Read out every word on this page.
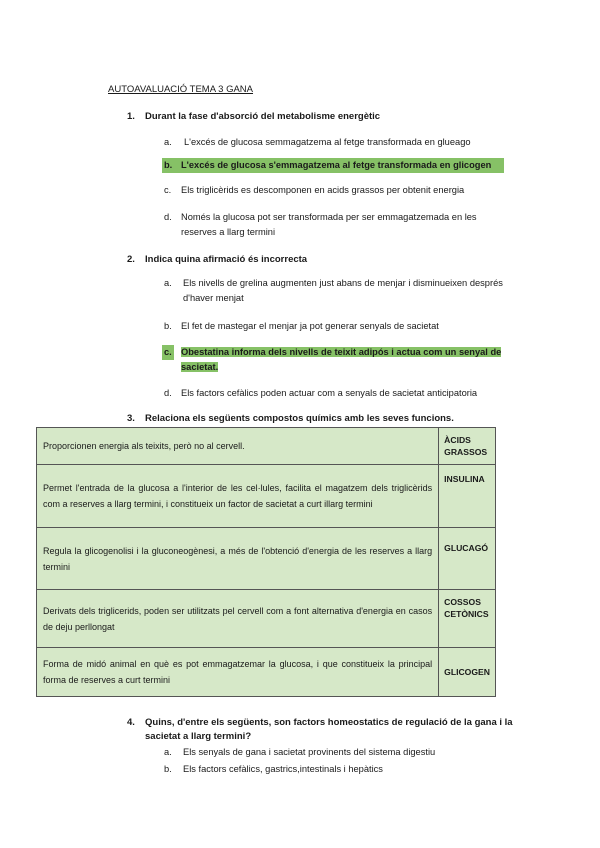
AUTOAVALUACIÓ TEMA 3 GANA
1. Durant la fase d'absorció del metabolisme energètic
a. L'excés de glucosa semmagatzema al fetge transformada en glueago
b. L'excés de glucosa s'emmagatzema al fetge transformada en glicogen
c. Els triglicèrids es descomponen en acids grassos per obtenit energia
d. Només la glucosa pot ser transformada per ser emmagatzemada en les reserves a llarg termini
2. Indica quina afirmació és incorrecta
a. Els nivells de grelina augmenten just abans de menjar i disminueixen després d'haver menjat
b. El fet de mastegar el menjar ja pot generar senyals de sacietat
c. Obestatina informa dels nivells de teixit adipós i actua com un senyal de sacietat.
d. Els factors cefàlics poden actuar com a senyals de sacietat anticipatoria
3. Relaciona els següents compostos químics amb les seves funcions.
Proporcionen energia als teixits, però no al cervell.	ÀCIDS GRASSOS
Permet l'entrada de la glucosa a l'interior de les cel·lules, facilita el magatzem dels triglicèrids com a reserves a llarg termini, i constitueix un factor de sacietat a curt illarg termini	INSULINA
Regula la glicogenolisi i la gluconeogènesi, a més de l'obtenció d'energia de les reserves a llarg termini	GLUCAGÓ
Derivats dels triglicerids, poden ser utilitzats pel cervell com a font alternativa d'energia en casos de deju perllongat	COSSOS CETÒNICS
Forma de midó animal en què es pot emmagatzemar la glucosa, i que constitueix la principal forma de reserves a curt termini	GLICOGEN
4. Quins, d'entre els següents, son factors homeostatics de regulació de la gana i la
sacietat a llarg termini?
a. Els senyals de gana i sacietat provinents del sistema digestiu
b. Els factors cefàlics, gastrics,intestinals i hepàtics
